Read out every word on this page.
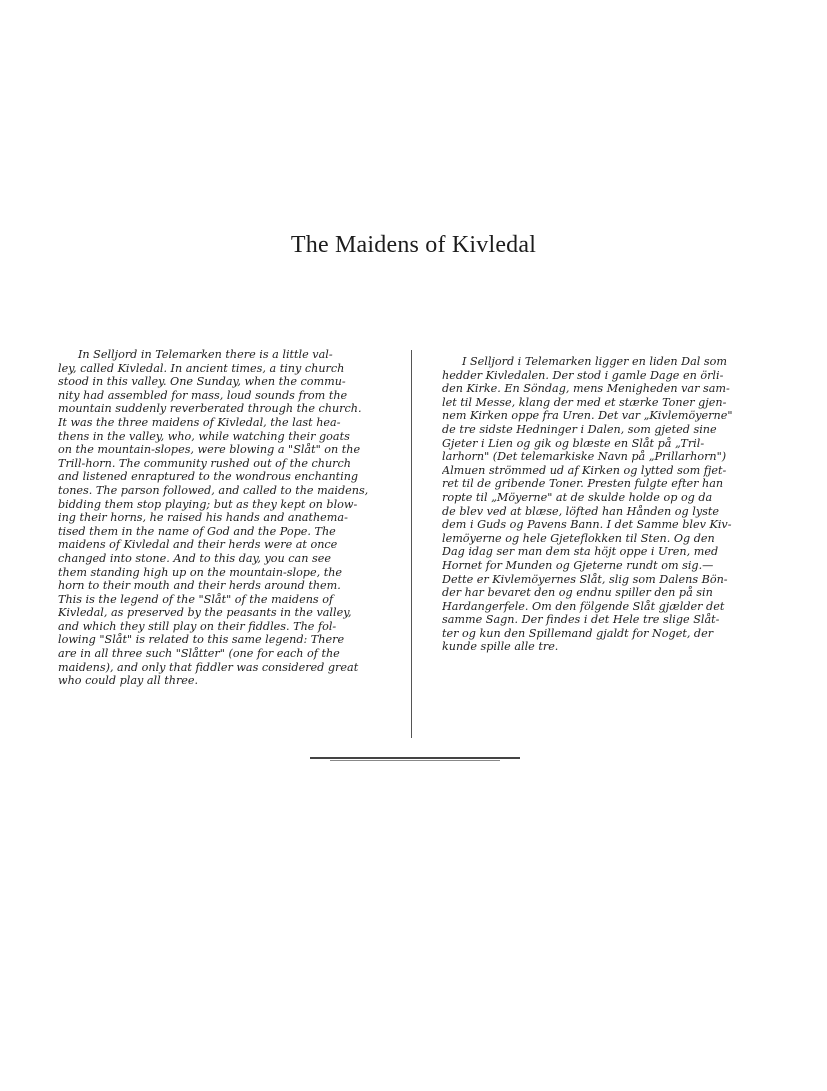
The Maidens of Kivledal
In Selljord in Telemarken there is a little val-
ley, called Kivledal. In ancient times, a tiny church
stood in this valley. One Sunday, when the commu-
nity had assembled for mass, loud sounds from the
mountain suddenly reverberated through the church.
It was the three maidens of Kivledal, the last hea-
thens in the valley, who, while watching their goats
on the mountain-slopes, were blowing a "Slåt" on the
Trill-horn. The community rushed out of the church
and listened enraptured to the wondrous enchanting
tones. The parson followed, and called to the maidens,
bidding them stop playing; but as they kept on blow-
ing their horns, he raised his hands and anathema-
tised them in the name of God and the Pope. The
maidens of Kivledal and their herds were at once
changed into stone. And to this day, you can see
them standing high up on the mountain-slope, the
horn to their mouth and their herds around them.
This is the legend of the "Slåt" of the maidens of
Kivledal, as preserved by the peasants in the valley,
and which they still play on their fiddles. The fol-
lowing "Slåt" is related to this same legend: There
are in all three such "Slåtter" (one for each of the
maidens), and only that fiddler was considered great
who could play all three.
I Selljord i Telemarken ligger en liden Dal som
hedder Kivledalen. Der stod i gamle Dage en örli-
den Kirke. En Söndag, mens Menigheden var sam-
let til Messe, klang der med et stærke Toner gjen-
nem Kirken oppe fra Uren. Det var „Kivlemöyerne"
de tre sidste Hedninger i Dalen, som gjeted sine
Gjeter i Lien og gik og blæste en Slåt på „Tril-
larhorn" (Det telemarkiske Navn på „Prillarhorn")
Almuen strömmed ud af Kirken og lytted som fjet-
ret til de gribende Toner. Presten fulgte efter han
ropte til „Möyerne" at de skulde holde op og da
de blev ved at blæse, löfted han Hånden og lyste
dem i Guds og Pavens Bann. I det Samme blev Kiv-
lemöyerne og hele Gjeteflokken til Sten. Og den
Dag idag ser man dem sta höjt oppe i Uren, med
Hornet for Munden og Gjeterne rundt om sig.—
Dette er Kivlemöyernes Slåt, slig som Dalens Bön-
der har bevaret den og endnu spiller den på sin
Hardangerfele. Om den fölgende Slåt gjælder det
samme Sagn. Der findes i det Hele tre slige Slåt-
ter og kun den Spillemand gjaldt for Noget, der
kunde spille alle tre.
